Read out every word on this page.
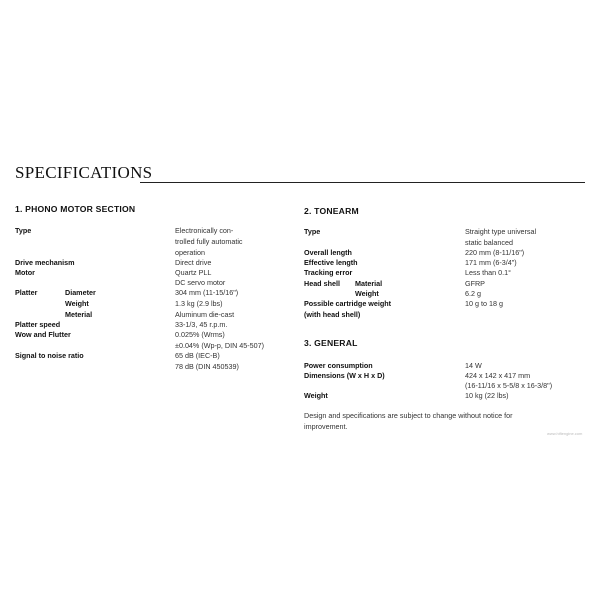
SPECIFICATIONS
1. PHONO MOTOR SECTION
Type	Electronically con-
trolled fully automatic
operation
Drive mechanism	Direct drive
Motor	Quartz PLL
DC servo motor
Platter	Diameter	304 mm (11-15/16")
Weight	1.3 kg (2.9 lbs)
Meterial	Aluminum die-cast
Platter speed	33-1/3, 45 r.p.m.
Wow and Flutter	0.025% (Wrms)
±0.04% (Wp-p, DIN 45-507)
Signal to noise ratio	65 dB (IEC-B)
78 dB (DIN 450539)
2. TONEARM
Type	Straight type universal
static balanced
Overall length	220 mm (8-11/16")
Effective length	171 mm (6-3/4")
Tracking error	Less than 0.1°
Head shell Material	GFRP
Weight	6.2 g
Possible cartridge weight	10 g to 18 g
(with head shell)
3. GENERAL
Power consumption	14 W
Dimensions (W x H x D)	424 x 142 x 417 mm
(16-11/16 x 5-5/8 x 16-3/8")
Weight	10 kg (22 lbs)
Design and specifications are subject to change without notice for
improvement.
www.hifiengine.com
